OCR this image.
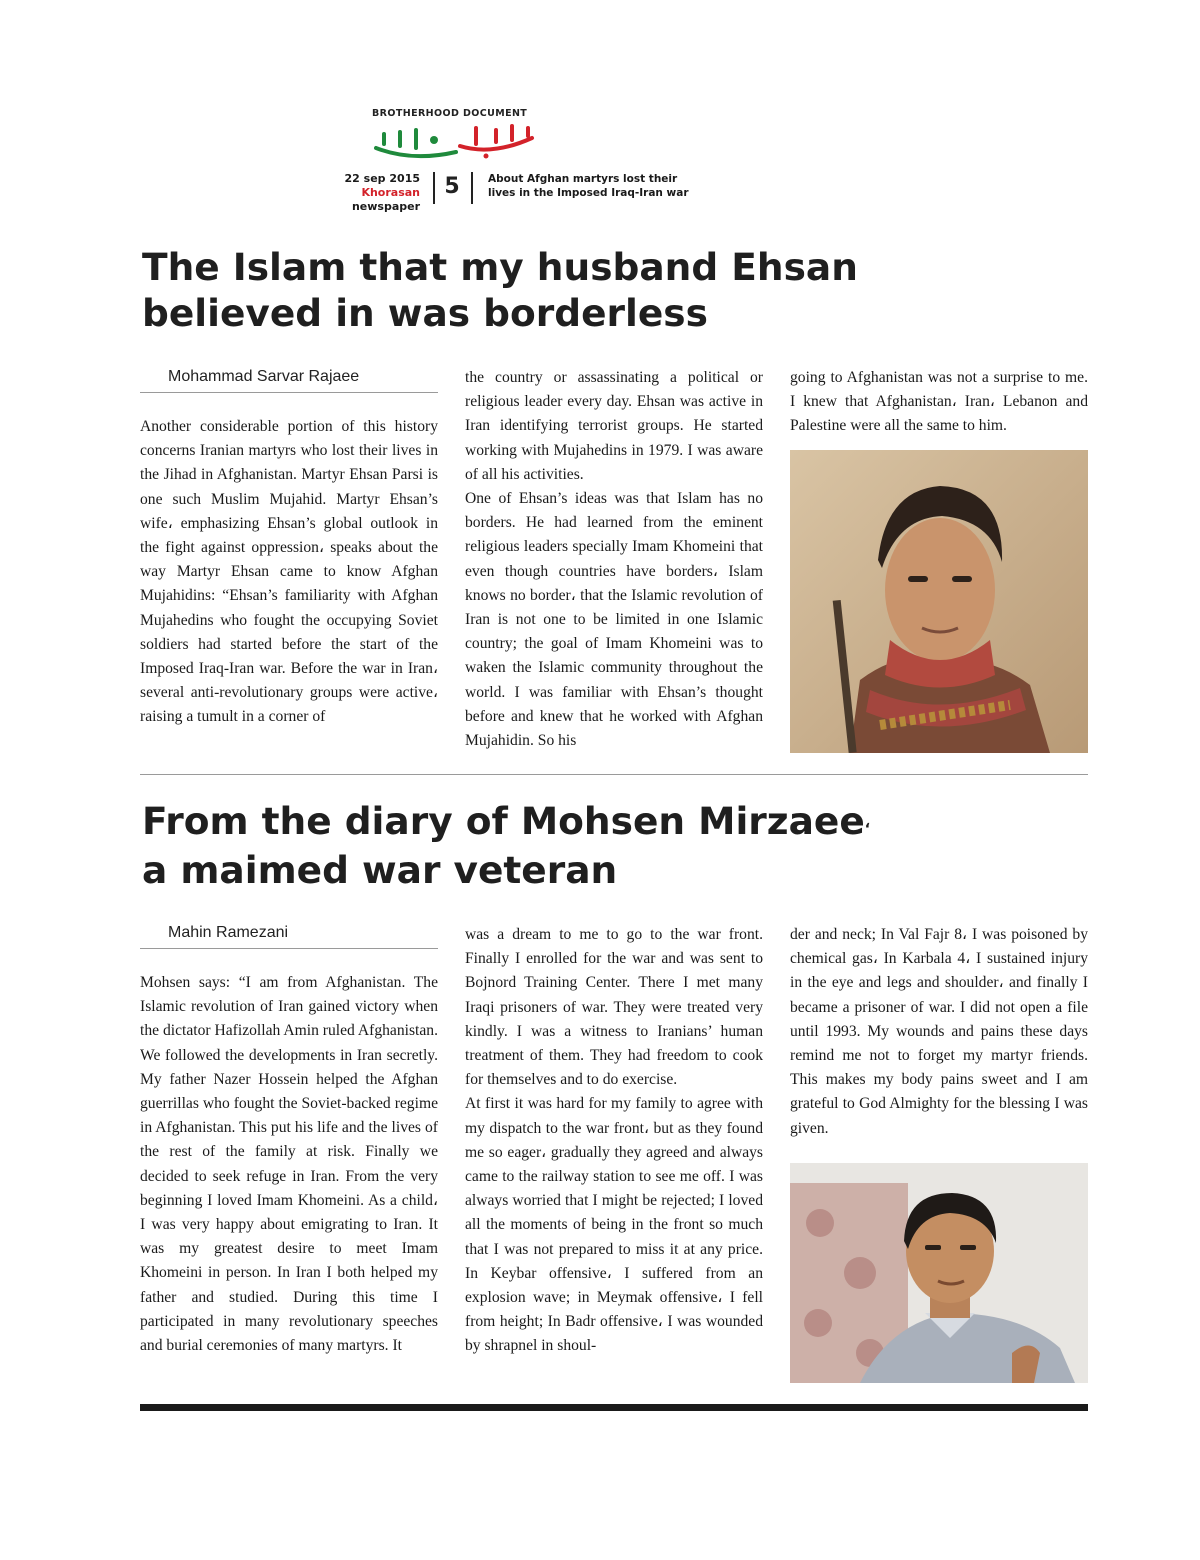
BROTHERHOOD DOCUMENT
22 sep 2015
Khorasan newspaper
5	About Afghan martyrs lost their
lives in the Imposed Iraq-Iran war
The Islam that my husband Ehsan
believed in was borderless
Mohammad Sarvar Rajaee

Another considerable portion of this history concerns Iranian martyrs who lost their lives in the Jihad in Afghanistan. Martyr Ehsan Parsi is one such Muslim Mujahid. Martyr Ehsan’s wife، emphasizing Ehsan’s global outlook in the fight against oppression، speaks about the way Martyr Ehsan came to know Afghan Mujahidins: “Ehsan’s familiarity with Afghan Mujahedins who fought the occupying Soviet soldiers had started before the start of the Imposed Iraq-Iran war. Before the war in Iran، several anti-revolutionary groups were active، raising a tumult in a corner of

the country or assassinating a political or religious leader every day. Ehsan was active in Iran identifying terrorist groups. He started working with Mujahedins in 1979. I was aware of all his activities.

One of Ehsan’s ideas was that Islam has no borders. He had learned from the eminent religious leaders specially Imam Khomeini that even though countries have borders، Islam knows no border، that the Islamic revolution of Iran is not one to be limited in one Islamic country; the goal of Imam Khomeini was to waken the Islamic community throughout the world. I was familiar with Ehsan’s thought before and knew that he worked with Afghan Mujahidin. So his

going to Afghanistan was not a surprise to me. I knew that Afghanistan، Iran، Lebanon and Palestine were all the same to him.

From the diary of Mohsen Mirzaee،
a maimed war veteran
Mahin Ramezani

Mohsen says: “I am from Afghanistan. The Islamic revolution of Iran gained victory when the dictator Hafizollah Amin ruled Afghanistan. We followed the developments in Iran secretly. My father Nazer Hossein helped the Afghan guerrillas who fought the Soviet-backed regime in Afghanistan. This put his life and the lives of the rest of the family at risk. Finally we decided to seek refuge in Iran. From the very beginning I loved Imam Khomeini. As a child، I was very happy about emigrating to Iran. It was my greatest desire to meet Imam Khomeini in person. In Iran I both helped my father and studied. During this time I participated in many revolutionary speeches and burial ceremonies of many martyrs. It

was a dream to me to go to the war front. Finally I enrolled for the war and was sent to Bojnord Training Center. There I met many Iraqi prisoners of war. They were treated very kindly. I was a witness to Iranians’ human treatment of them. They had freedom to cook for themselves and to do exercise.

At first it was hard for my family to agree with my dispatch to the war front، but as they found me so eager، gradually they agreed and always came to the railway station to see me off. I was always worried that I might be rejected; I loved all the moments of being in the front so much that I was not prepared to miss it at any price. In Keybar offensive، I suffered from an explosion wave; in Meymak offensive، I fell from height; In Badr offensive، I was wounded by shrapnel in shoul-

der and neck; In Val Fajr 8، I was poisoned by chemical gas، In Karbala 4، I sustained injury in the eye and legs and shoulder، and finally I became a prisoner of war. I did not open a file until 1993. My wounds and pains these days remind me not to forget my martyr friends. This makes my body pains sweet and I am grateful to God Almighty for the blessing I was given.
